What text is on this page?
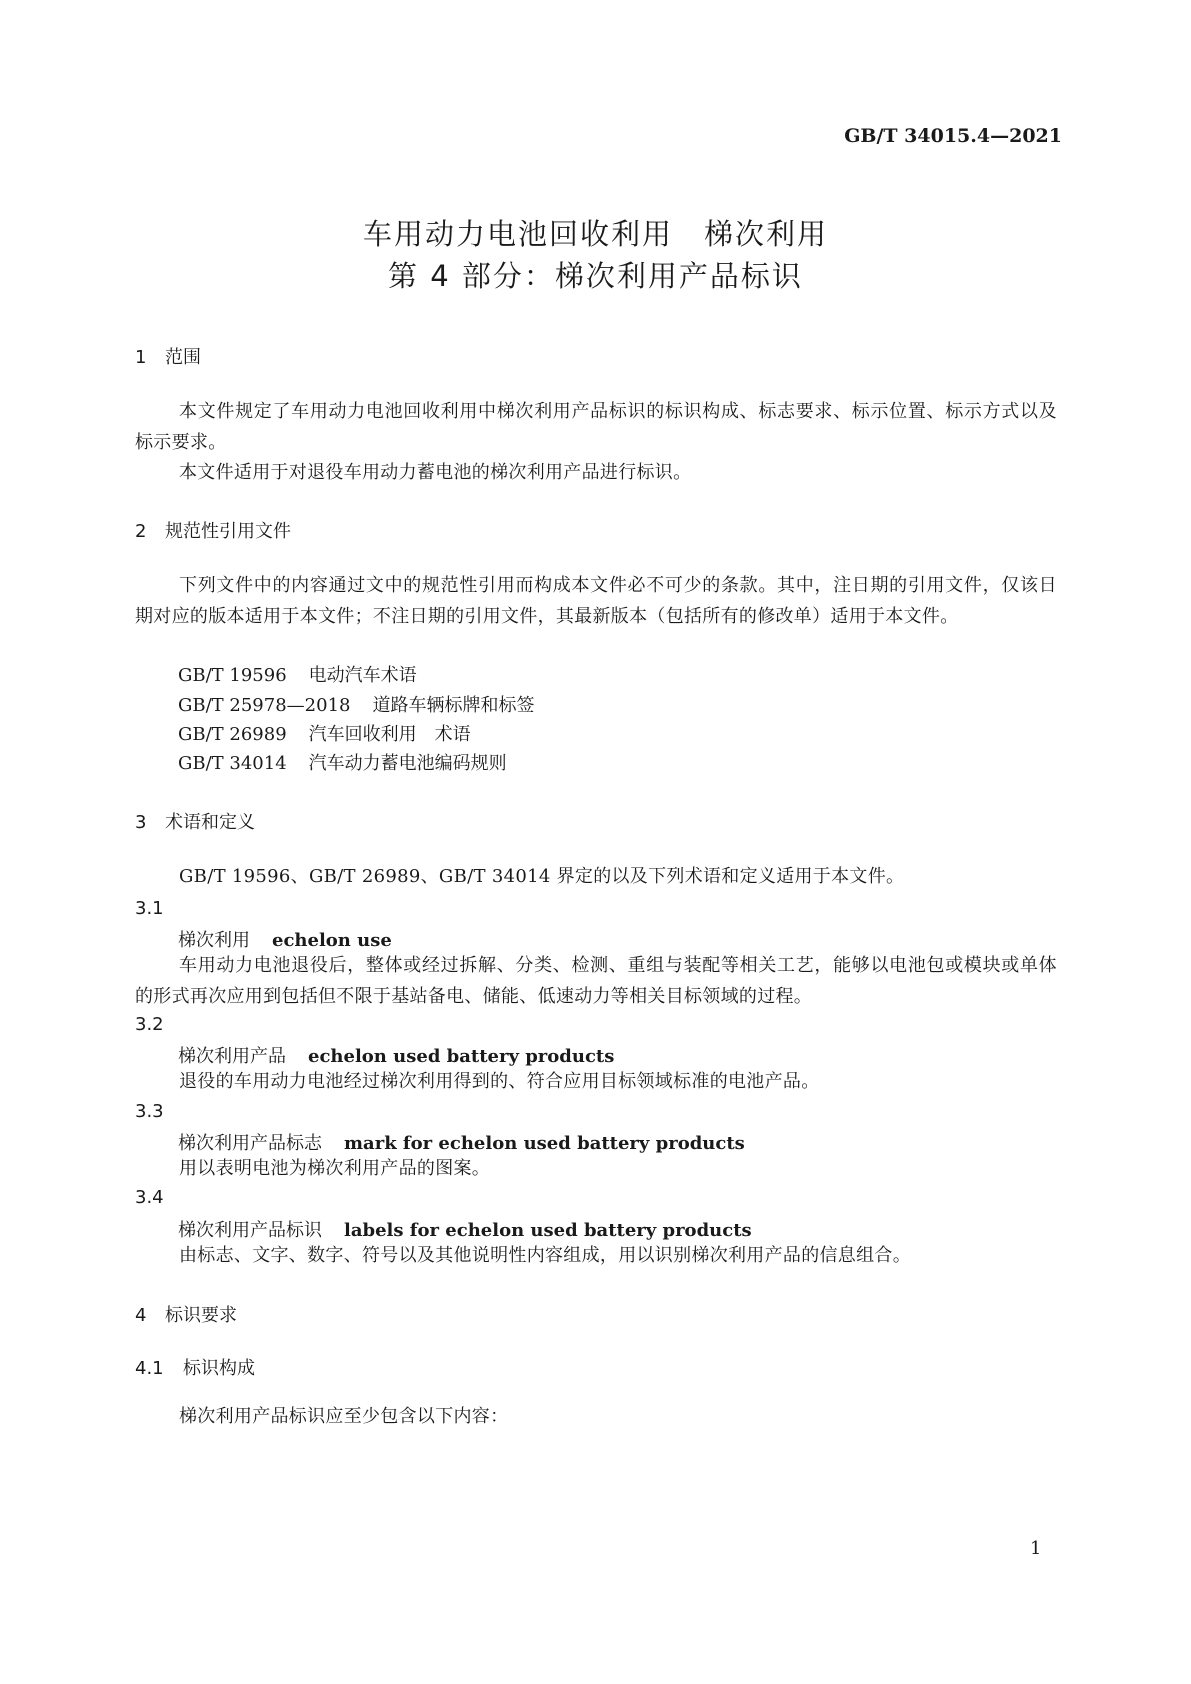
GB/T 34015.4—2021
车用动力电池回收利用　梯次利用
第 4 部分：梯次利用产品标识
1 范围
本文件规定了车用动力电池回收利用中梯次利用产品标识的标识构成、标志要求、标示位置、标示方式以及标示要求。
本文件适用于对退役车用动力蓄电池的梯次利用产品进行标识。
2 规范性引用文件
下列文件中的内容通过文中的规范性引用而构成本文件必不可少的条款。其中，注日期的引用文件，仅该日期对应的版本适用于本文件；不注日期的引用文件，其最新版本（包括所有的修改单）适用于本文件。
GB/T 19596 电动汽车术语
GB/T 25978—2018 道路车辆标牌和标签
GB/T 26989 汽车回收利用　术语
GB/T 34014 汽车动力蓄电池编码规则
3 术语和定义
GB/T 19596、GB/T 26989、GB/T 34014 界定的以及下列术语和定义适用于本文件。
3.1
梯次利用 echelon use
车用动力电池退役后，整体或经过拆解、分类、检测、重组与装配等相关工艺，能够以电池包或模块或单体的形式再次应用到包括但不限于基站备电、储能、低速动力等相关目标领域的过程。
3.2
梯次利用产品 echelon used battery products
退役的车用动力电池经过梯次利用得到的、符合应用目标领域标准的电池产品。
3.3
梯次利用产品标志 mark for echelon used battery products
用以表明电池为梯次利用产品的图案。
3.4
梯次利用产品标识 labels for echelon used battery products
由标志、文字、数字、符号以及其他说明性内容组成，用以识别梯次利用产品的信息组合。
4 标识要求
4.1 标识构成
梯次利用产品标识应至少包含以下内容：
1
